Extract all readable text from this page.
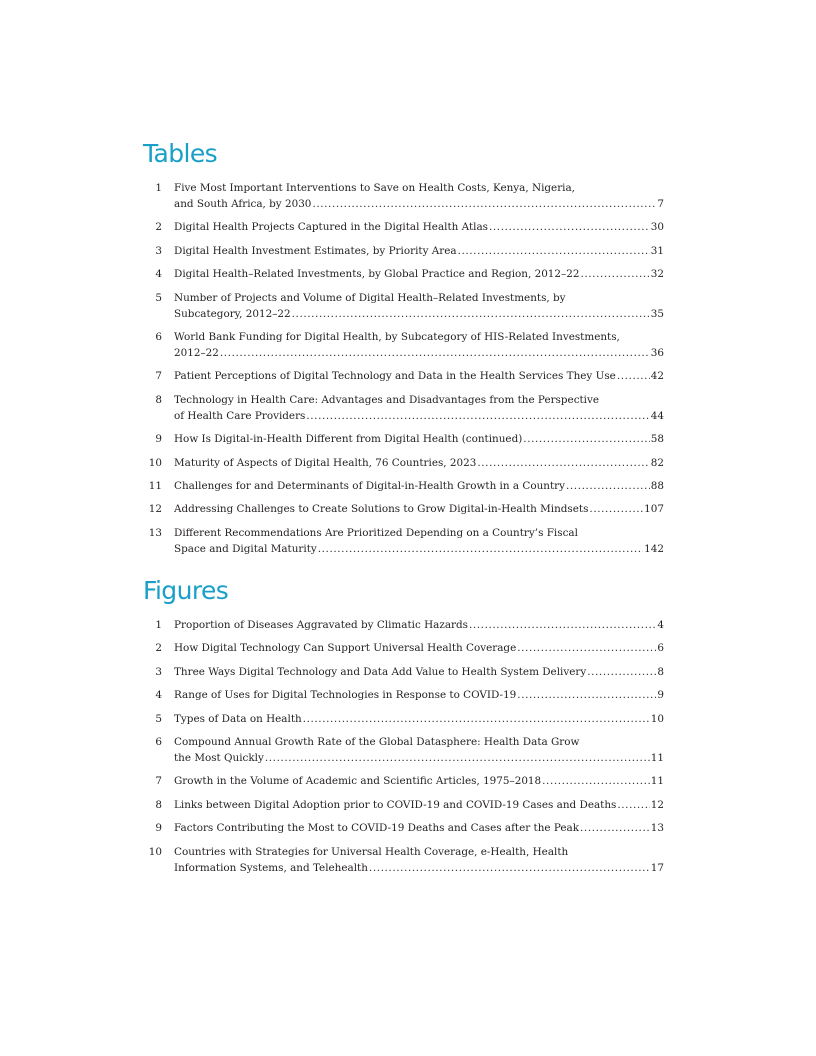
Tables
1 Five Most Important Interventions to Save on Health Costs, Kenya, Nigeria,
and South Africa, by 2030 .....	7
2 Digital Health Projects Captured in the Digital Health Atlas .....	30
3 Digital Health Investment Estimates, by Priority Area .....	31
4 Digital Health–Related Investments, by Global Practice and Region, 2012–22 .....	32
5 Number of Projects and Volume of Digital Health–Related Investments, by
Subcategory, 2012–22 .....	35
6 World Bank Funding for Digital Health, by Subcategory of HIS-Related Investments,
2012–22 .....	36
7 Patient Perceptions of Digital Technology and Data in the Health Services They Use .....	42
8 Technology in Health Care: Advantages and Disadvantages from the Perspective
of Health Care Providers .....	44
9 How Is Digital-in-Health Different from Digital Health (continued) .....	58
10 Maturity of Aspects of Digital Health, 76 Countries, 2023 .....	82
11 Challenges for and Determinants of Digital-in-Health Growth in a Country .....	88
12 Addressing Challenges to Create Solutions to Grow Digital-in-Health Mindsets .....	107
13 Different Recommendations Are Prioritized Depending on a Country’s Fiscal
Space and Digital Maturity .....	142
Figures
1 Proportion of Diseases Aggravated by Climatic Hazards .....	4
2 How Digital Technology Can Support Universal Health Coverage .....	6
3 Three Ways Digital Technology and Data Add Value to Health System Delivery .....	8
4 Range of Uses for Digital Technologies in Response to COVID-19 .....	9
5 Types of Data on Health .....	10
6 Compound Annual Growth Rate of the Global Datasphere: Health Data Grow
the Most Quickly .....	11
7 Growth in the Volume of Academic and Scientific Articles, 1975–2018 .....	11
8 Links between Digital Adoption prior to COVID-19 and COVID-19 Cases and Deaths .....	12
9 Factors Contributing the Most to COVID-19 Deaths and Cases after the Peak .....	13
10 Countries with Strategies for Universal Health Coverage, e-Health, Health
Information Systems, and Telehealth .....	17
